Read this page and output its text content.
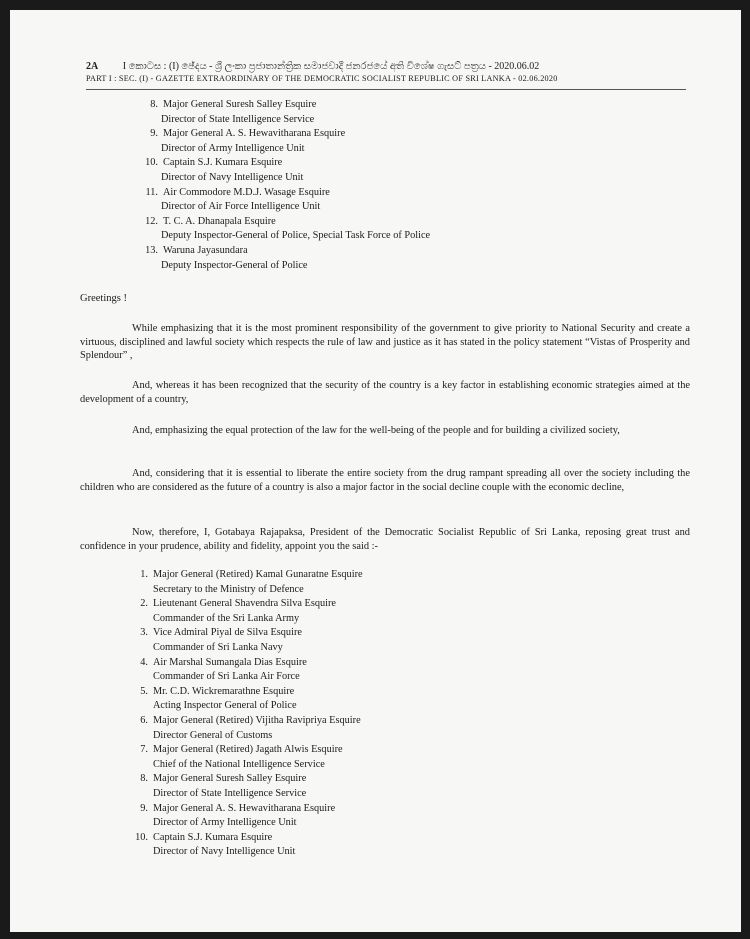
2A I කොටස : (I) ඡේදය - ශ්‍රී ලංකා ප්‍රජාතාන්ත්‍රික සමාජවාදී ජනරජයේ අති විශේෂ ගැසට් පත්‍රය - 2020.06.02
PART I : SEC. (I) - GAZETTE EXTRAORDINARY OF THE DEMOCRATIC SOCIALIST REPUBLIC OF SRI LANKA - 02.06.2020
8. Major General Suresh Salley Esquire
Director of State Intelligence Service
9. Major General A. S. Hewavitharana Esquire
Director of Army Intelligence Unit
10. Captain S.J. Kumara Esquire
Director of Navy Intelligence Unit
11. Air Commodore M.D.J. Wasage Esquire
Director of Air Force Intelligence Unit
12. T. C. A. Dhanapala Esquire
Deputy Inspector-General of Police, Special Task Force of Police
13. Waruna Jayasundara
Deputy Inspector-General of Police
Greetings !
While emphasizing that it is the most prominent responsibility of the government to give priority to National Security and create a virtuous, disciplined and lawful society which respects the rule of law and justice as it has stated in the policy statement “Vistas of Prosperity and Splendour” ,
And, whereas it has been recognized that the security of the country is a key factor in establishing economic strategies aimed at the development of a country,
And, emphasizing the equal protection of the law for the well-being of the people and for building a civilized society,
And, considering that it is essential to liberate the entire society from the drug rampant spreading all over the society including the children who are considered as the future of a country is also a major factor in the social decline couple with the economic decline,
Now, therefore, I, Gotabaya Rajapaksa, President of the Democratic Socialist Republic of Sri Lanka, reposing great trust and confidence in your prudence, ability and fidelity, appoint you the said :-
1. Major General (Retired) Kamal Gunaratne Esquire
Secretary to the Ministry of Defence
2. Lieutenant General Shavendra Silva Esquire
Commander of the Sri Lanka Army
3. Vice Admiral Piyal de Silva Esquire
Commander of Sri Lanka Navy
4. Air Marshal Sumangala Dias Esquire
Commander of Sri Lanka Air Force
5. Mr. C.D. Wickremarathne Esquire
Acting Inspector General of Police
6. Major General (Retired) Vijitha Ravipriya Esquire
Director General of Customs
7. Major General (Retired) Jagath Alwis Esquire
Chief of the National Intelligence Service
8. Major General Suresh Salley Esquire
Director of State Intelligence Service
9. Major General A. S. Hewavitharana Esquire
Director of Army Intelligence Unit
10. Captain S.J. Kumara Esquire
Director of Navy Intelligence Unit
